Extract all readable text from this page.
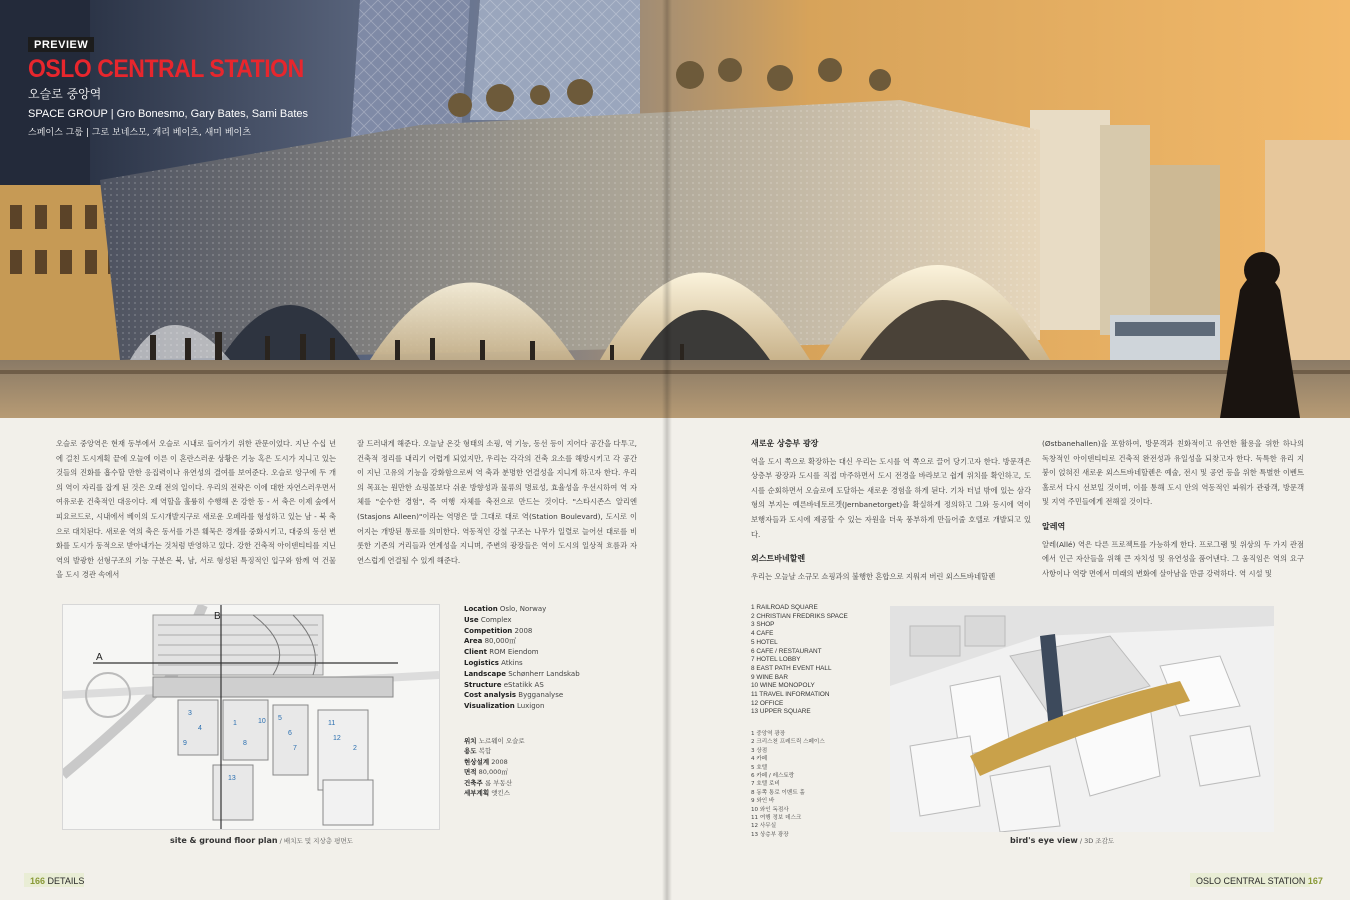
PREVIEW
OSLO CENTRAL STATION
오슬로 중앙역
SPACE GROUP | Gro Bonesmo, Gary Bates, Sami Bates
스페이스 그룹 | 그로 보네스모, 개리 베이츠, 새미 베이츠

오슬로 중앙역은 현재 동부에서 오슬로 시내로 들어가기 위한 관문이었다. 지난 수십 년에 걸친 도시계획 끝에 오늘에 이른 이 혼란스러운 상황은 기능 혹은 도시가 지니고 있는 것들의 진화를 흡수할 만한 응집력이나 유연성의 결여를 보여준다. 오슬로 앙구에 두 개의 역이 자리를 잡게 된 것은 오래 전의 일이다. 우리의 전략은 이에 대한 자연스러우면서 여유로운 건축적인 대응이다. 제 역할을 훌륭히 수행해 온 강한 동 - 서 축은 이제 숲에서 피요르드로, 시내에서 베이의 도시개발지구로 새로운 오페라를 형성하고 있는 남 - 북 축으로 대치된다. 새로운 역의 축은 동서를 가른 훼묵은 경계를 중화시키고, 대중의 동선 변화를 도시가 동적으로 받아내가는 것처럼 반영하고 있다. 강한 건축적 아이덴티티를 지닌 역의 발광한 선형구조의 기능 구분은 북, 남, 서로 형성된 특징적인 입구와 함께 역 건물을 도시 경관 속에서

잘 드러내게 해준다. 오늘날 온갖 형태의 소핑, 역 기능, 동선 등이 지어다 공간을 다투고, 건축적 정리를 내리기 어렵게 되었지만, 우리는 각각의 건축 요소를 해방시키고 각 공간이 지닌 고유의 기능을 강화함으로써 역 축과 분명한 연결성을 지니게 하고자 한다. 우리의 목표는 원만한 쇼핑몰보다 쉬운 방향성과 물류의 명료성, 효율성을 우선시하여 역 자체를 "순수한 경험", 즉 여행 자체를 축전으로 만드는 것이다. "스타시존스 알리엔(Stasjons Alleen)"이라는 역명은 말 그대로 대로 역(Station Boulevard), 도시로 이어지는 개방된 통로를 의미한다. 역동적인 강철 구조는 나무가 일렬로 늘어선 대로를 비롯한 기존의 거리들과 연계성을 지니며, 주변의 광장들은 역이 도시의 일상적 흐름과 자연스럽게 연결될 수 있게 해준다.

새로운 상층부 광장

역을 도시 쪽으로 확장하는 대신 우리는 도시를 역 쪽으로 끌어 당기고자 한다. 방문객은 상층부 광장과 도시를 직접 마주하면서 도시 전경을 바라보고 쉽게 위치를 확인하고, 도시를 순회하면서 오슬로에 도달하는 새로운 경험을 하게 된다. 기차 터널 밖에 있는 삼각형의 부지는 예른바네토르겟(Jernbanetorget)을 확실하게 정의하고 그와 동시에 역이 보행자들과 도시에 제공할 수 있는 자원을 더욱 풍부하게 만들어줄 호텔로 개발되고 있다.

외스트바네할렌

우리는 오늘날 소규모 쇼핑과의 불행한 혼합으로 지워져 버린 외스트바네할렌

(Østbanehallen)을 포함하여, 방문객과 친화적이고 유연한 활용을 위한 하나의 독창적인 아이덴티티로 건축적 완전성과 유일성을 되찾고자 한다. 독특한 유리 지붕이 얹혀진 새로운 외스트바네할렌은 예술, 전시 및 공연 등을 위한 특별한 이벤트 홀로서 다시 선보일 것이며, 이를 통해 도시 안의 역동적인 파워가 관광객, 방문객 및 지역 주민들에게 전해질 것이다.

알레역

알레(Allé) 역은 다른 프로젝트를 가능하게 한다. 프로그램 및 위상의 두 가지 관점에서 인근 자산들을 위해 큰 자치성 및 유연성을 품어낸다. 그 움직임은 역의 요구 사항이나 역량 면에서 미래의 변화에 살아남을 만큼 강력하다. 역 시설 및

A
B
1
2
3
4
5
6
7
8
9
10	11
12
13
site & ground floor plan / 배치도 및 지상층 평면도
Location Oslo, Norway
Use Complex
Competition 2008
Area 80,000㎡
Client ROM Eiendom
Logistics Atkins
Landscape Schønherr Landskab
Structure eStatikk AS
Cost analysis Bygganalyse
Visualization Luxigon
위치 노르웨이 오슬로
용도 복합
현상설계 2008
면적 80,000㎡
건축주 롬 부동산
세부계획 앳킨스
1 RAILROAD SQUARE
2 CHRISTIAN FREDRIKS SPACE
3 SHOP
4 CAFE
5 HOTEL
6 CAFE / RESTAURANT
7 HOTEL LOBBY
8 EAST PATH EVENT HALL
9 WINE BAR
10 WINE MONOPOLY
11 TRAVEL INFORMATION
12 OFFICE
13 UPPER SQUARE
1 중앙역 광장
2 크리스천 프레드릭 스페이스
3 상점
4 카페
5 호텔
6 카페 / 레스토랑
7 호텔 로비
8 동쪽 통로 이벤트 홀
9 와인 바
10 와인 독점사
11 여행 정보 데스크
12 사무실
13 상층부 광장
bird's eye view / 3D 조감도
166 DETAILS	OSLO CENTRAL STATION 167
